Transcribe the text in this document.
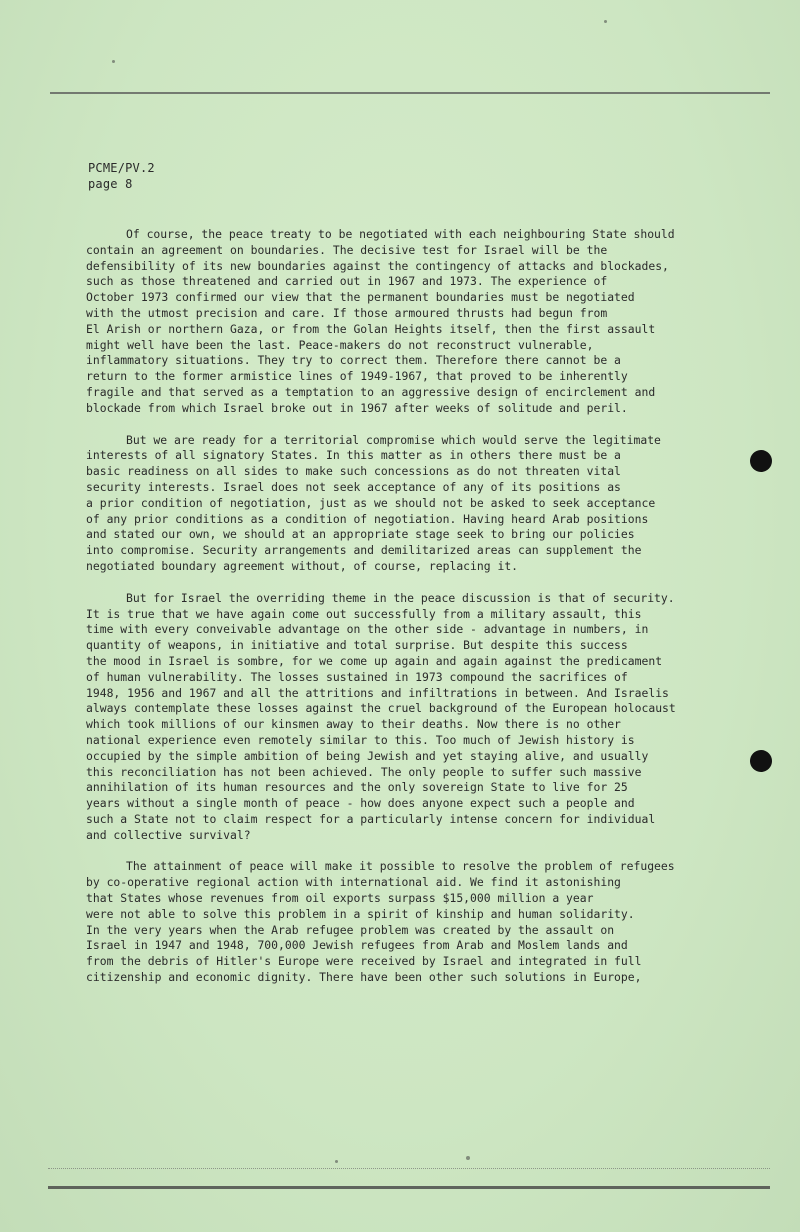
PCME/PV.2
page 8
Of course, the peace treaty to be negotiated with each neighbouring State should
contain an agreement on boundaries. The decisive test for Israel will be the
defensibility of its new boundaries against the contingency of attacks and blockades,
such as those threatened and carried out in 1967 and 1973. The experience of
October 1973 confirmed our view that the permanent boundaries must be negotiated
with the utmost precision and care. If those armoured thrusts had begun from
El Arish or northern Gaza, or from the Golan Heights itself, then the first assault
might well have been the last. Peace-makers do not reconstruct vulnerable,
inflammatory situations. They try to correct them. Therefore there cannot be a
return to the former armistice lines of 1949-1967, that proved to be inherently
fragile and that served as a temptation to an aggressive design of encirclement and
blockade from which Israel broke out in 1967 after weeks of solitude and peril.
But we are ready for a territorial compromise which would serve the legitimate
interests of all signatory States. In this matter as in others there must be a
basic readiness on all sides to make such concessions as do not threaten vital
security interests. Israel does not seek acceptance of any of its positions as
a prior condition of negotiation, just as we should not be asked to seek acceptance
of any prior conditions as a condition of negotiation. Having heard Arab positions
and stated our own, we should at an appropriate stage seek to bring our policies
into compromise. Security arrangements and demilitarized areas can supplement the
negotiated boundary agreement without, of course, replacing it.
But for Israel the overriding theme in the peace discussion is that of security.
It is true that we have again come out successfully from a military assault, this
time with every conveivable advantage on the other side - advantage in numbers, in
quantity of weapons, in initiative and total surprise. But despite this success
the mood in Israel is sombre, for we come up again and again against the predicament
of human vulnerability. The losses sustained in 1973 compound the sacrifices of
1948, 1956 and 1967 and all the attritions and infiltrations in between. And Israelis
always contemplate these losses against the cruel background of the European holocaust
which took millions of our kinsmen away to their deaths. Now there is no other
national experience even remotely similar to this. Too much of Jewish history is
occupied by the simple ambition of being Jewish and yet staying alive, and usually
this reconciliation has not been achieved. The only people to suffer such massive
annihilation of its human resources and the only sovereign State to live for 25
years without a single month of peace - how does anyone expect such a people and
such a State not to claim respect for a particularly intense concern for individual
and collective survival?
The attainment of peace will make it possible to resolve the problem of refugees
by co-operative regional action with international aid. We find it astonishing
that States whose revenues from oil exports surpass $15,000 million a year
were not able to solve this problem in a spirit of kinship and human solidarity.
In the very years when the Arab refugee problem was created by the assault on
Israel in 1947 and 1948, 700,000 Jewish refugees from Arab and Moslem lands and
from the debris of Hitler's Europe were received by Israel and integrated in full
citizenship and economic dignity. There have been other such solutions in Europe,
